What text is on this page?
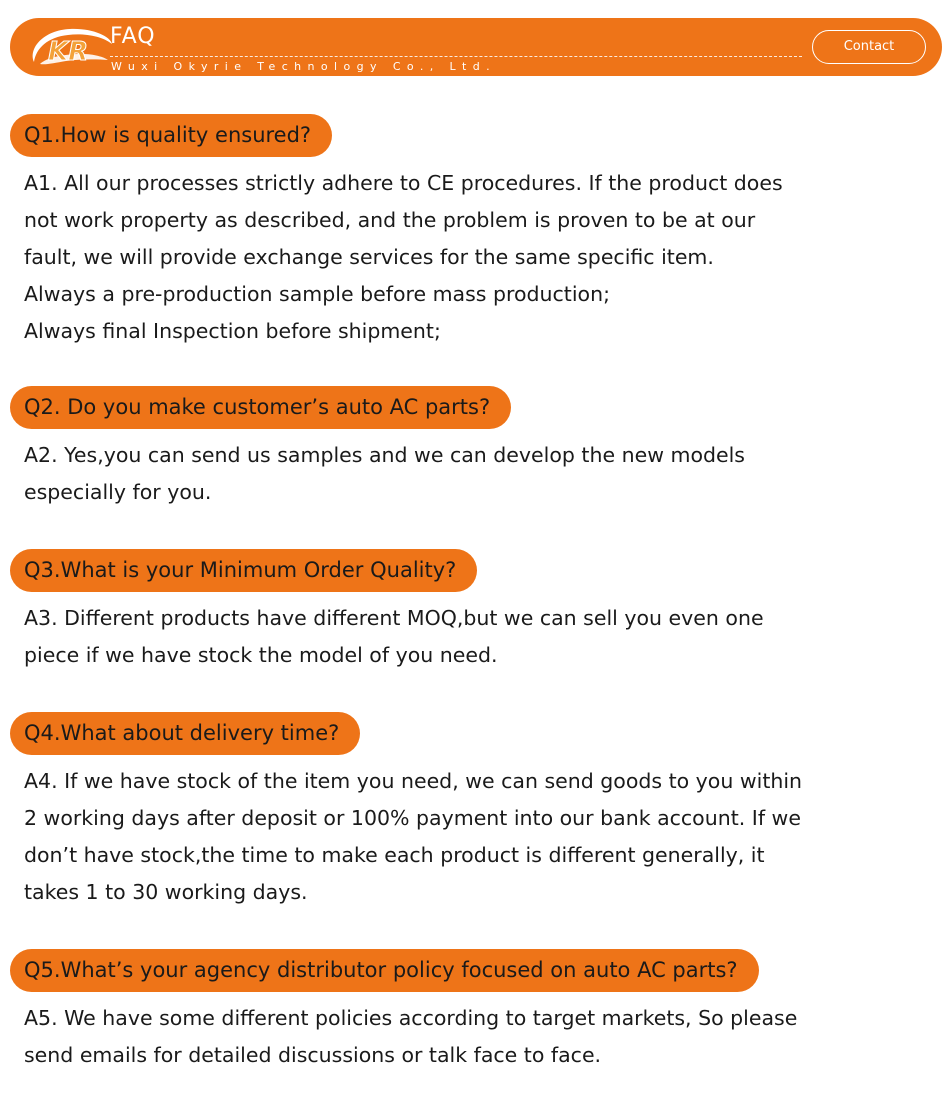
KR
FAQ
Wuxi Okyrie Technology Co., Ltd.
Contact
Q1.How is quality ensured?
A1. All our processes strictly adhere to CE procedures. If the product does
not work property as described, and the problem is proven to be at our
fault, we will provide exchange services for the same specific item.
Always a pre-production sample before mass production;
Always final Inspection before shipment;
Q2. Do you make customer’s auto AC parts?
A2. Yes,you can send us samples and we can develop the new models
especially for you.
Q3.What is your Minimum Order Quality?
A3. Different products have different MOQ,but we can sell you even one
piece if we have stock the model of you need.
Q4.What about delivery time?
A4. If we have stock of the item you need, we can send goods to you within
2 working days after deposit or 100% payment into our bank account. If we
don’t have stock,the time to make each product is different generally, it
takes 1 to 30 working days.
Q5.What’s your agency distributor policy focused on auto AC parts?
A5. We have some different policies according to target markets, So please
send emails for detailed discussions or talk face to face.
